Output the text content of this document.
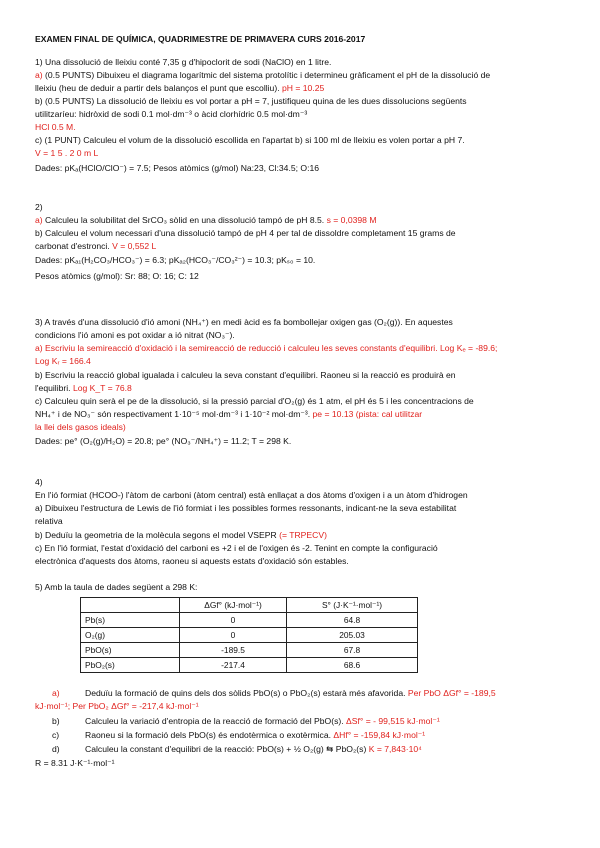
EXAMEN FINAL DE QUÍMICA, QUADRIMESTRE DE PRIMAVERA CURS 2016-2017
1) Una dissolució de lleixiu conté 7,35 g d'hipoclorit de sodi (NaClO) en 1 litre.
a) (0.5 PUNTS) Dibuixeu el diagrama logarítmic del sistema protolític i determineu gràficament el pH de la dissolució de
lleixiu (heu de deduir a partir dels balanços el punt que escolliu). pH = 10.25
b) (0.5 PUNTS) La dissolució de lleixiu es vol portar a pH = 7, justifiqueu quina de les dues dissolucions següents
utilitzaríeu: hidròxid de sodi 0.1 mol·dm⁻³ o àcid clorhídric 0.5 mol·dm⁻³
HCl 0.5 M.
c) (1 PUNT) Calculeu el volum de la dissolució escollida en l'apartat b) si 100 ml de lleixiu es volen portar a pH 7.
V = 1 5 . 2 0 m L
Dades: pKₐ(HClO/ClO⁻) = 7.5; Pesos atòmics (g/mol) Na:23, Cl:34.5; O:16
2)
a) Calculeu la solubilitat del SrCO₃ sòlid en una dissolució tampó de pH 8.5. s = 0,0398 M
b) Calculeu el volum necessari d'una dissolució tampó de pH 4 per tal de dissoldre completament 15 grams de
carbonat d'estronci. V = 0,552 L
Dades: pKₐ₁(H₂CO₃/HCO₃⁻) = 6.3; pKₐ₂(HCO₃⁻/CO₃²⁻) = 10.3; pKₛ₀ = 10.
Pesos atòmics (g/mol): Sr: 88; O: 16; C: 12
3) A través d'una dissolució d'ió amoni (NH₄⁺) en medi àcid es fa bombollejar oxigen gas (O₂(g)). En aquestes
condicions l'ió amoni es pot oxidar a ió nitrat (NO₃⁻).
a) Escriviu la semireacció d'oxidació i la semireacció de reducció i calculeu les seves constants d'equilibri. Log Kₑ = -89.6;
Log Kᵣ = 166.4
b) Escriviu la reacció global igualada i calculeu la seva constant d'equilibri. Raoneu si la reacció es produirà en
l'equilibri. Log K_T = 76.8
c) Calculeu quin serà el pe de la dissolució, si la pressió parcial d'O₂(g) és 1 atm, el pH és 5 i les concentracions de
NH₄⁺ i de NO₃⁻ són respectivament 1·10⁻⁵ mol·dm⁻³ i 1·10⁻² mol·dm⁻³. pe = 10.13 (pista: cal utilitzar
la llei dels gasos ideals)
Dades: pe° (O₂(g)/H₂O) = 20.8; pe° (NO₃⁻/NH₄⁺) = 11.2; T = 298 K.
4)
En l'ió formiat (HCOO-) l'àtom de carboni (àtom central) està enllaçat a dos àtoms d'oxigen i a un àtom d'hidrogen
a) Dibuixeu l'estructura de Lewis de l'ió formiat i les possibles formes ressonants, indicant-ne la seva estabilitat
relativa
b) Deduïu la geometria de la molècula segons el model VSEPR (= TRPECV)
c) En l'ió formiat, l'estat d'oxidació del carboni es +2 i el de l'oxigen és -2. Tenint en compte la configuració
electrònica d'aquests dos àtoms, raoneu si aquests estats d'oxidació són estables.
5) Amb la taula de dades següent a 298 K:
	ΔGf° (kJ·mol⁻¹)	S° (J·K⁻¹·mol⁻¹)
Pb(s)	0	64.8
O₂(g)	0	205.03
PbO(s)	-189.5	67.8
PbO₂(s)	-217.4	68.6
a)	Deduïu la formació de quins dels dos sòlids PbO(s) o PbO₂(s) estarà més afavorida. Per PbO ΔGf° = -189,5
kJ·mol⁻¹; Per PbO₂ ΔGf° = -217,4 kJ·mol⁻¹
b)	Calculeu la variació d'entropia de la reacció de formació del PbO(s). ΔSf° = - 99,515 kJ·mol⁻¹
c)	Raoneu si la formació dels PbO(s) és endotèrmica o exotèrmica. ΔHf° = -159,84 kJ·mol⁻¹
d)	Calculeu la constant d'equilibri de la reacció: PbO(s) + ½ O₂(g) ⇆ PbO₂(s) K = 7,843·10⁴
R = 8.31 J·K⁻¹·mol⁻¹
